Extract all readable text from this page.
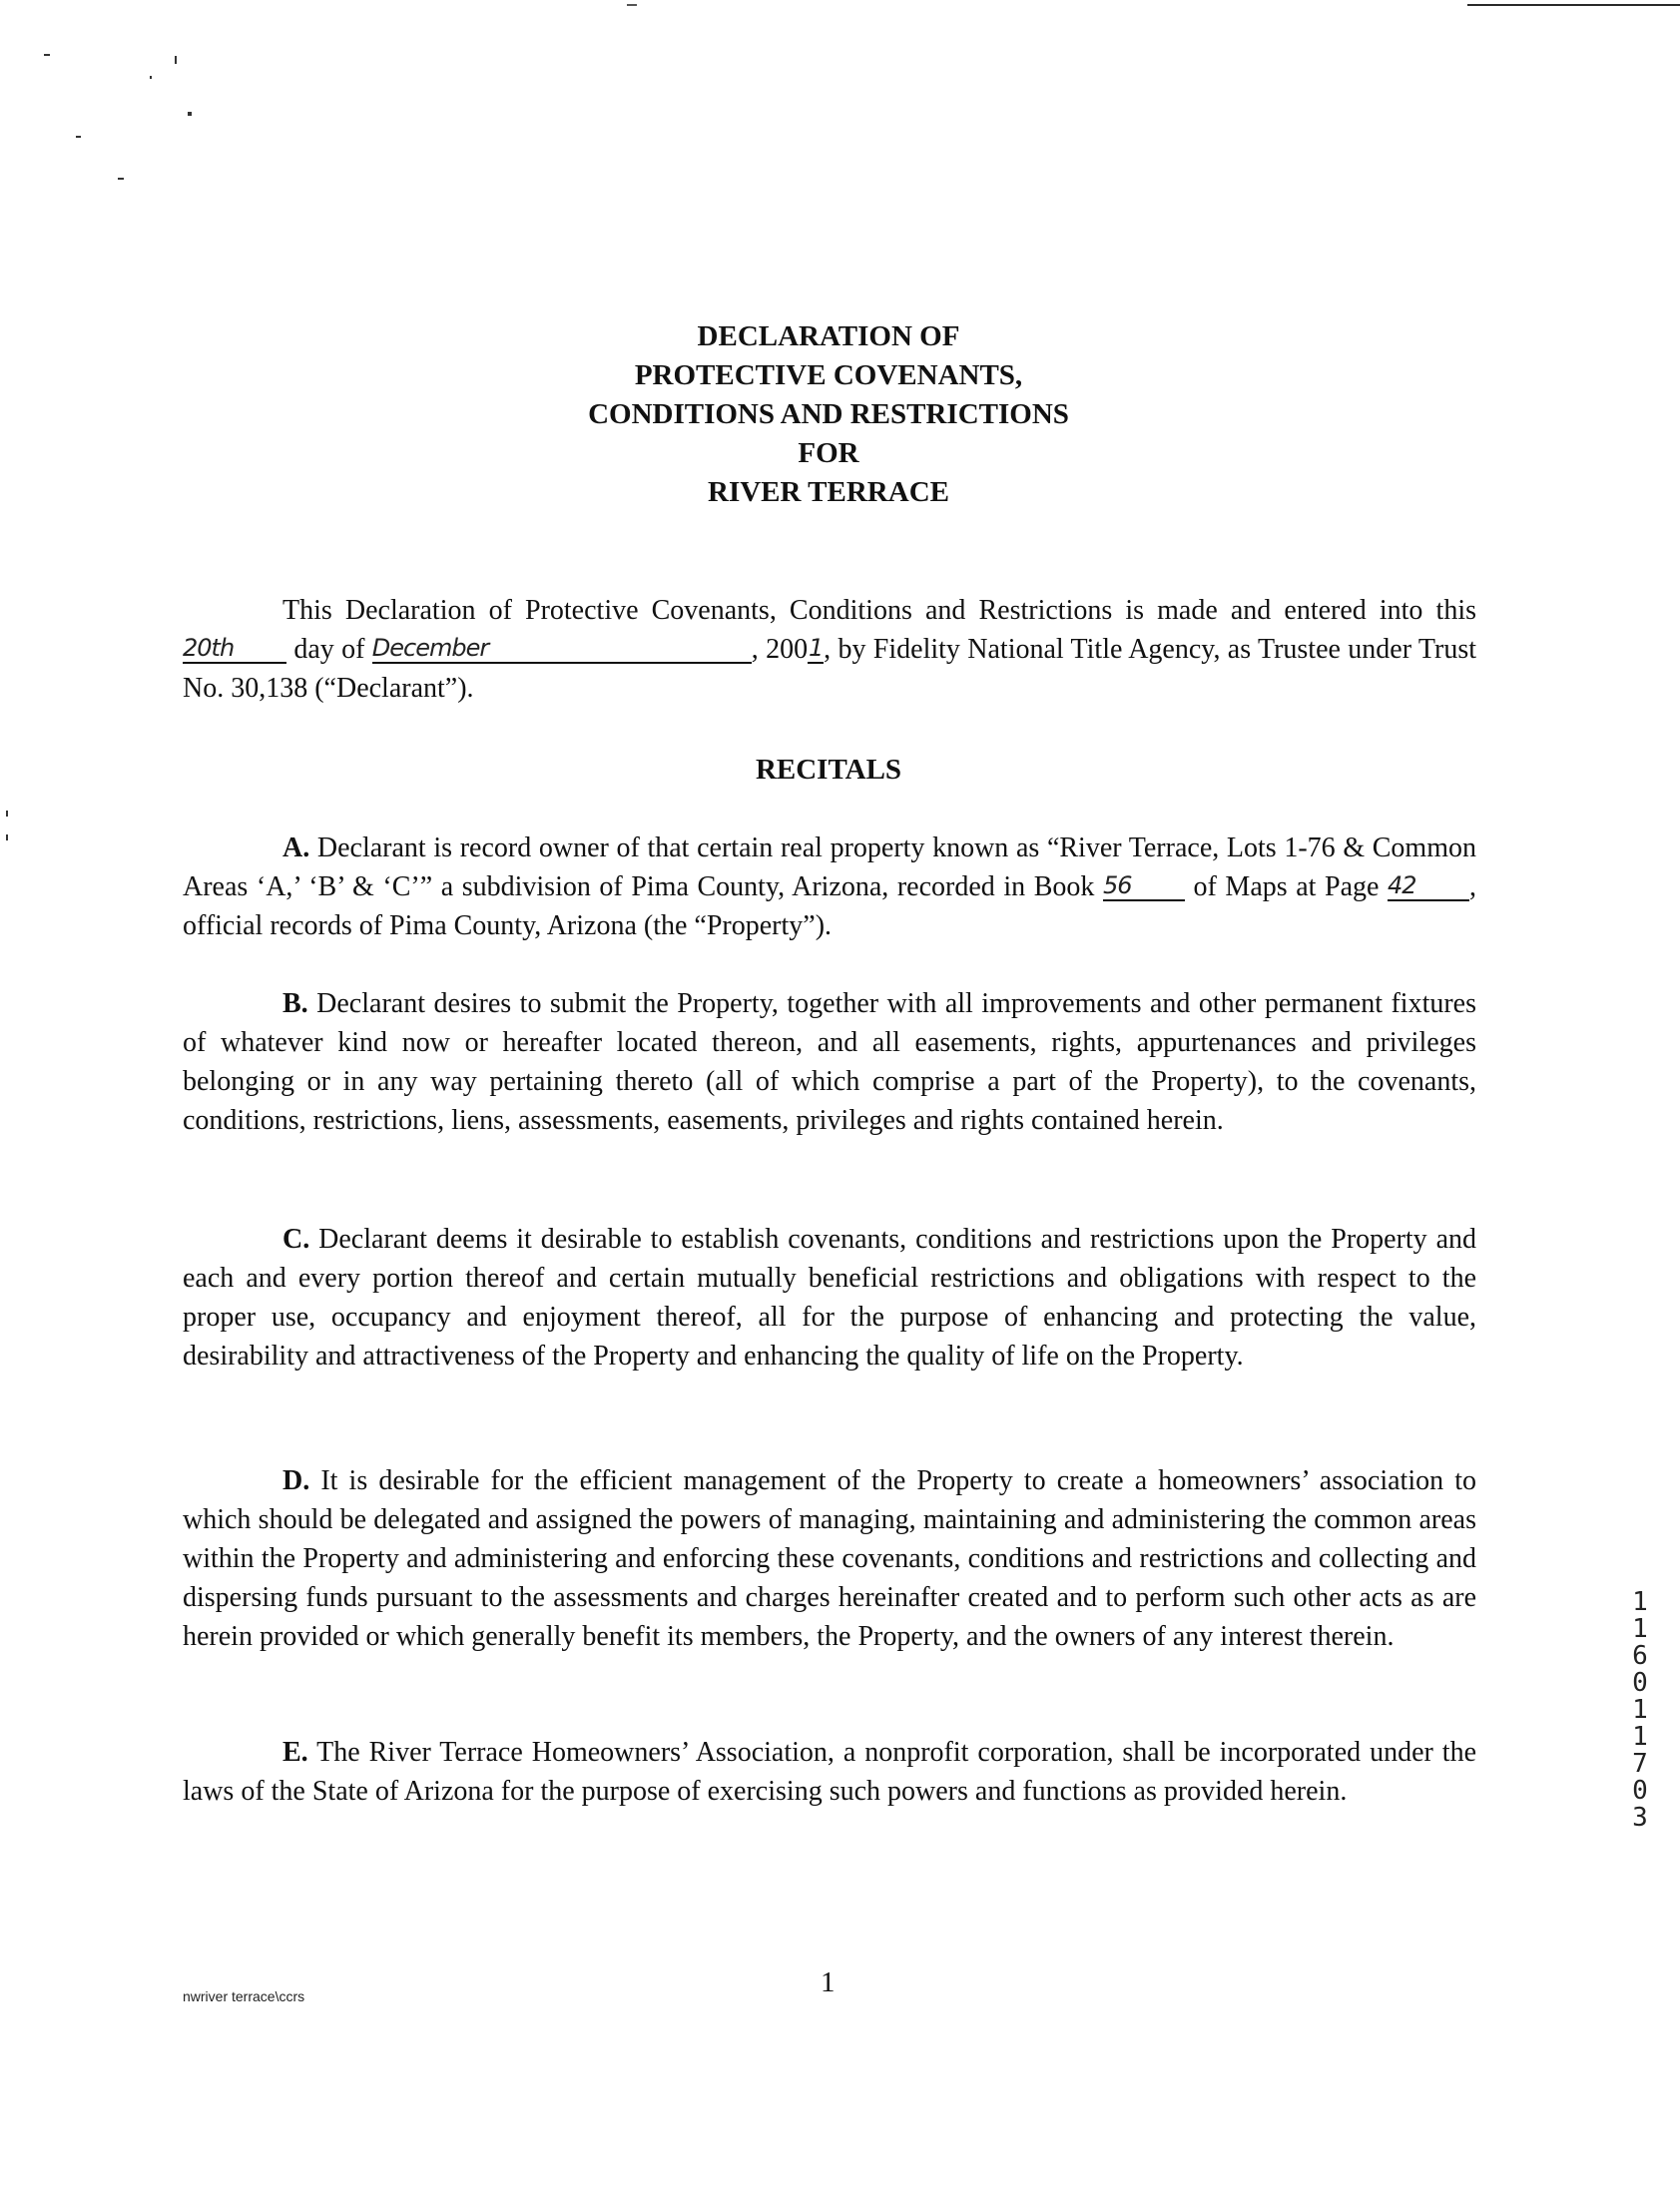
DECLARATION OF
PROTECTIVE COVENANTS,
CONDITIONS AND RESTRICTIONS
FOR
RIVER TERRACE
This Declaration of Protective Covenants, Conditions and Restrictions is made and entered into this 20th day of December	, 2001, by Fidelity National Title Agency, as Trustee under Trust No. 30,138 (“Declarant”).
RECITALS
A. Declarant is record owner of that certain real property known as “River Terrace, Lots 1-76 & Common Areas ‘A,’ ‘B’ & ‘C’” a subdivision of Pima County, Arizona, recorded in Book 56 of Maps at Page 42 , official records of Pima County, Arizona (the “Property”).
B. Declarant desires to submit the Property, together with all improvements and other permanent fixtures of whatever kind now or hereafter located thereon, and all easements, rights, appurtenances and privileges belonging or in any way pertaining thereto (all of which comprise a part of the Property), to the covenants, conditions, restrictions, liens, assessments, easements, privileges and rights contained herein.
C. Declarant deems it desirable to establish covenants, conditions and restrictions upon the Property and each and every portion thereof and certain mutually beneficial restrictions and obligations with respect to the proper use, occupancy and enjoyment thereof, all for the purpose of enhancing and protecting the value, desirability and attractiveness of the Property and enhancing the quality of life on the Property.
D. It is desirable for the efficient management of the Property to create a homeowners’ association to which should be delegated and assigned the powers of managing, maintaining and administering the common areas within the Property and administering and enforcing these covenants, conditions and restrictions and collecting and dispersing funds pursuant to the assessments and charges hereinafter created and to perform such other acts as are herein provided or which generally benefit its members, the Property, and the owners of any interest therein.
E. The River Terrace Homeowners’ Association, a nonprofit corporation, shall be incorporated under the laws of the State of Arizona for the purpose of exercising such powers and functions as provided herein.
1
nwriver terrace\ccrs
11601 1703
